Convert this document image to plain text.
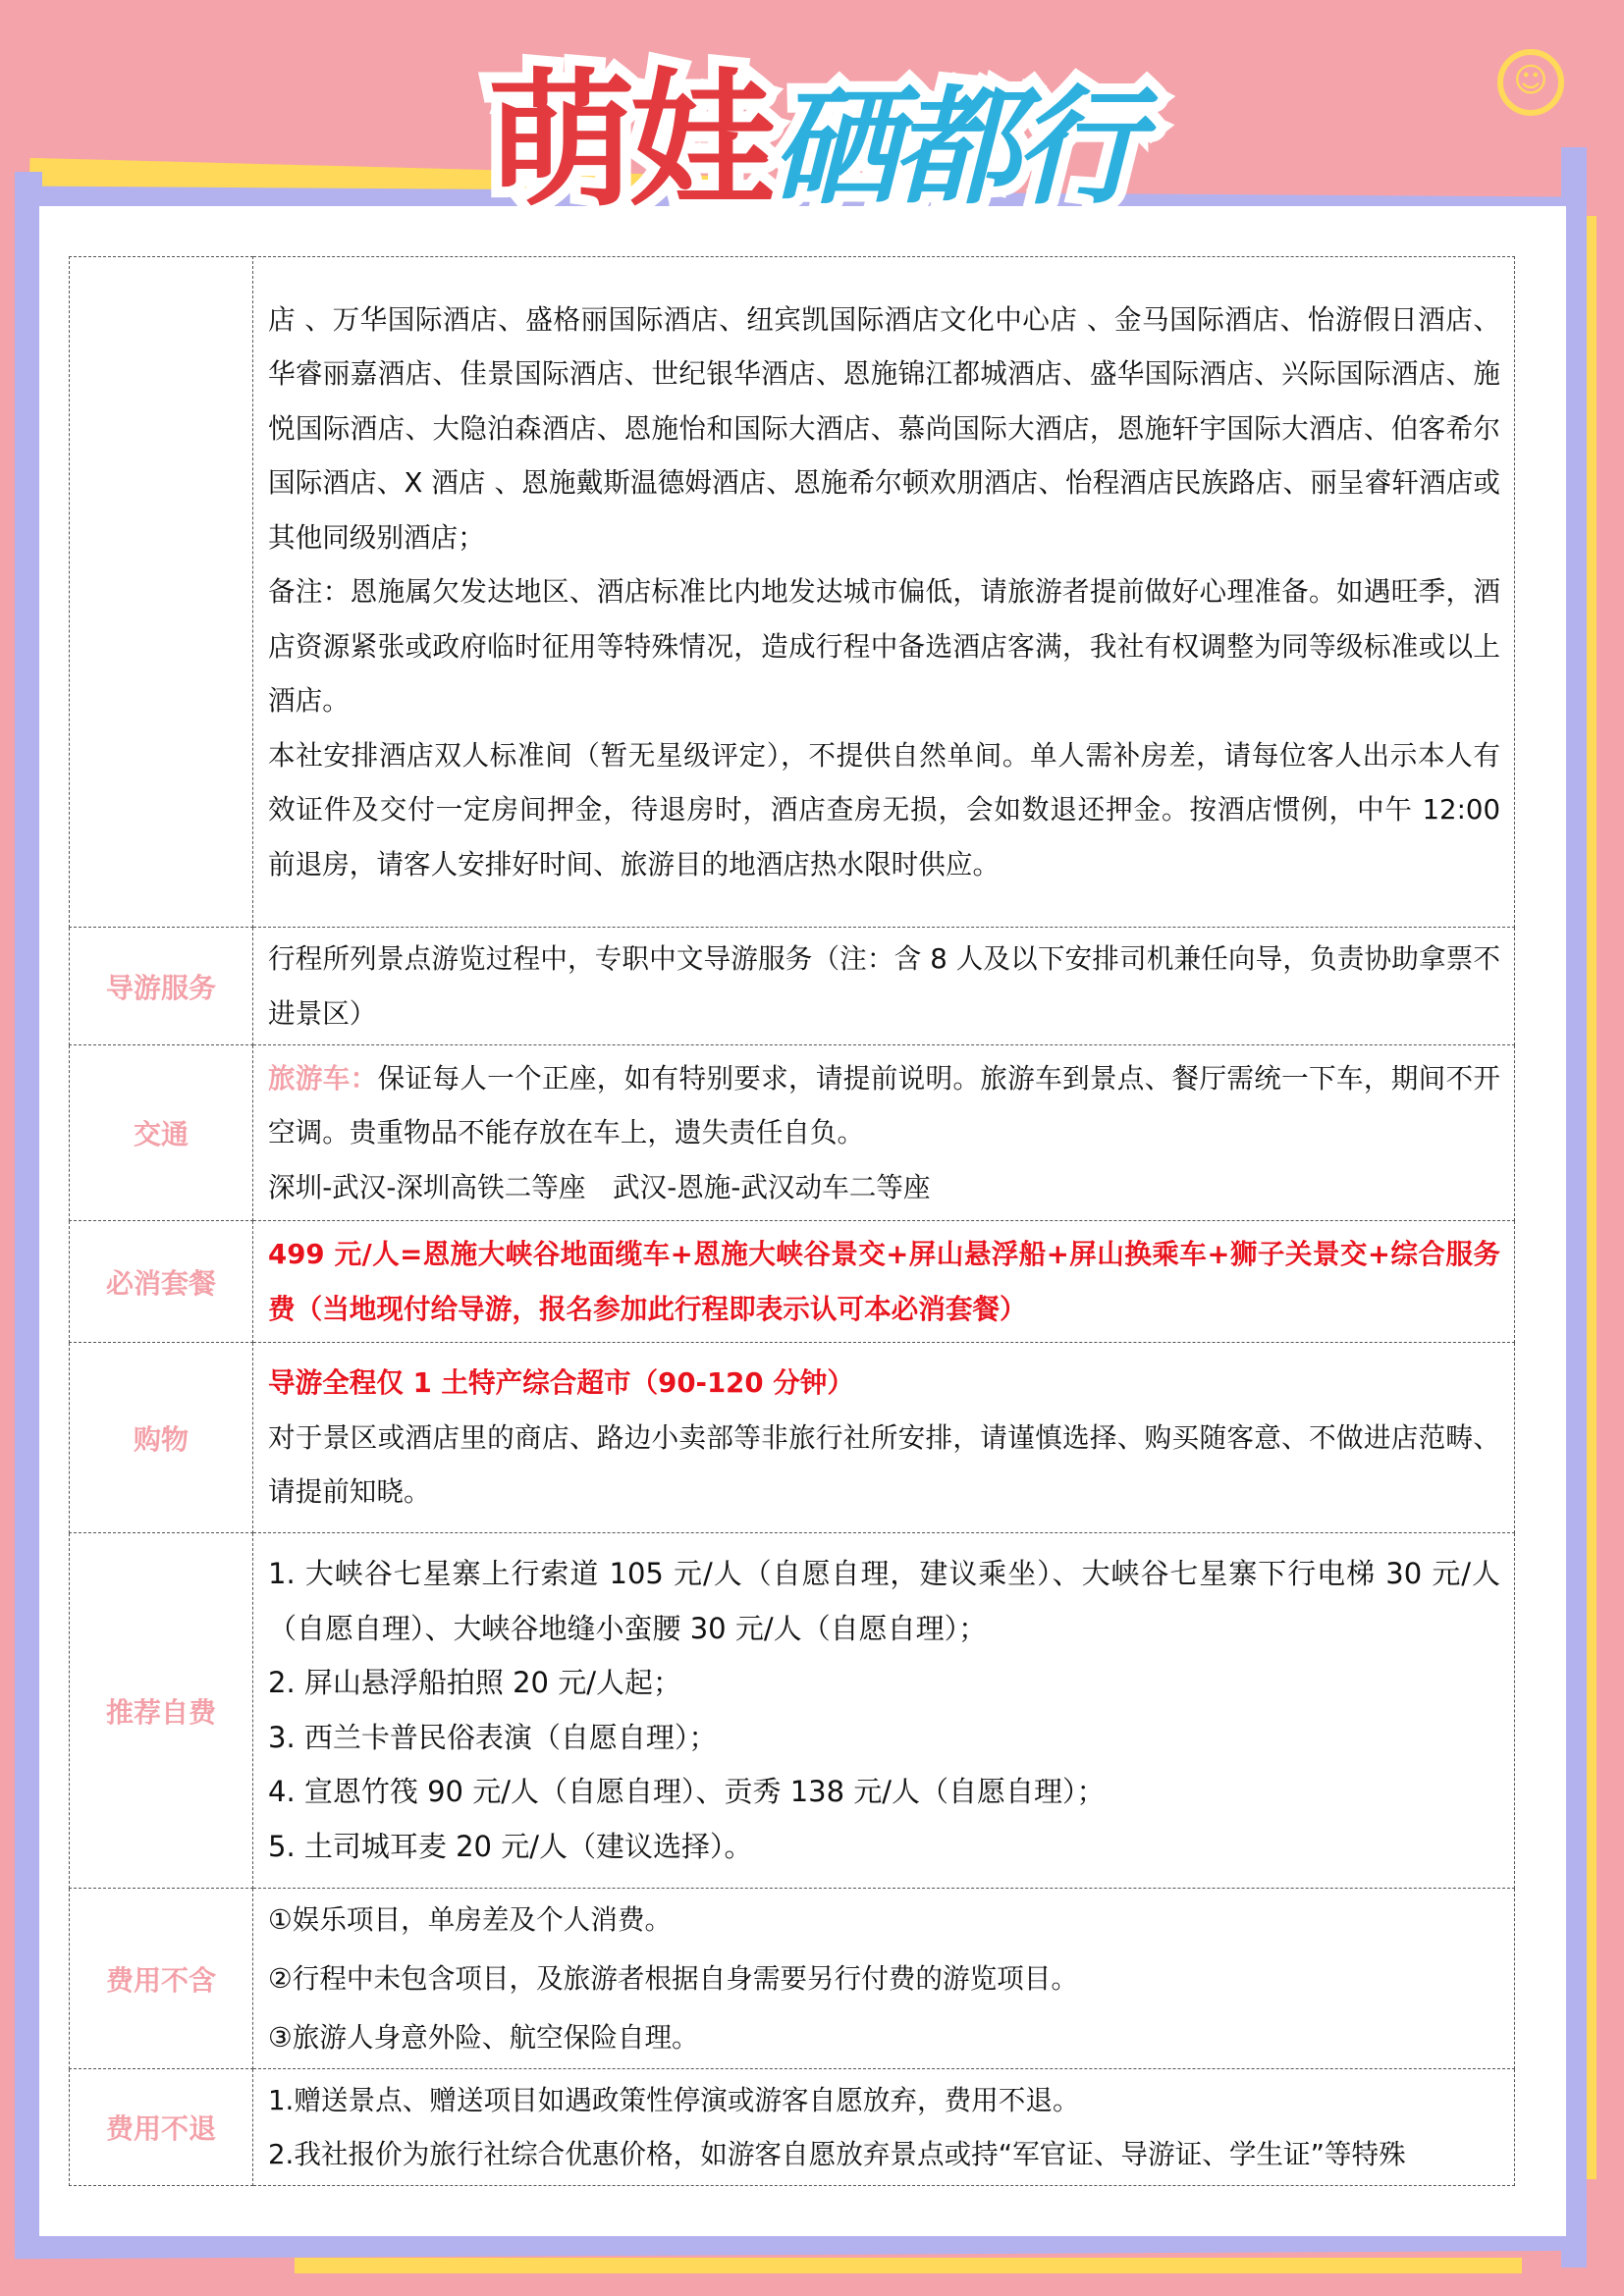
萌娃硒都行	☺

	店 、万华国际酒店、盛格丽国际酒店、纽宾凯国际酒店文化中心店 、金马国际酒店、怡游假日酒店、华睿丽嘉酒店、佳景国际酒店、世纪银华酒店、恩施锦江都城酒店、盛华国际酒店、兴际国际酒店、施悦国际酒店、大隐泊森酒店、恩施怡和国际大酒店、慕尚国际大酒店，恩施轩宇国际大酒店、伯客希尔国际酒店、X 酒店 、恩施戴斯温德姆酒店、恩施希尔顿欢朋酒店、怡程酒店民族路店、丽呈睿轩酒店或其他同级别酒店；

备注：恩施属欠发达地区、酒店标准比内地发达城市偏低，请旅游者提前做好心理准备。如遇旺季，酒店资源紧张或政府临时征用等特殊情况，造成行程中备选酒店客满，我社有权调整为同等级标准或以上酒店。

本社安排酒店双人标准间（暂无星级评定），不提供自然单间。单人需补房差，请每位客人出示本人有效证件及交付一定房间押金，待退房时，酒店查房无损，会如数退还押金。按酒店惯例，中午 12:00 前退房，请客人安排好时间、旅游目的地酒店热水限时供应。

导游服务	行程所列景点游览过程中，专职中文导游服务（注：含 8 人及以下安排司机兼任向导，负责协助拿票不进景区）

交通	旅游车：保证每人一个正座，如有特别要求，请提前说明。旅游车到景点、餐厅需统一下车，期间不开空调。贵重物品不能存放在车上，遗失责任自负。

深圳-武汉-深圳高铁二等座　武汉-恩施-武汉动车二等座

必消套餐	499 元/人=恩施大峡谷地面缆车+恩施大峡谷景交+屏山悬浮船+屏山换乘车+狮子关景交+综合服务费（当地现付给导游，报名参加此行程即表示认可本必消套餐）

购物	导游全程仅 1 土特产综合超市（90-120 分钟）

对于景区或酒店里的商店、路边小卖部等非旅行社所安排，请谨慎选择、购买随客意、不做进店范畴、请提前知晓。

推荐自费	1. 大峡谷七星寨上行索道 105 元/人（自愿自理，建议乘坐）、大峡谷七星寨下行电梯 30 元/人（自愿自理）、大峡谷地缝小蛮腰 30 元/人（自愿自理）；

2. 屏山悬浮船拍照 20 元/人起；

3. 西兰卡普民俗表演（自愿自理）；

4. 宣恩竹筏 90 元/人（自愿自理）、贡秀 138 元/人（自愿自理）；

5. 土司城耳麦 20 元/人（建议选择）。

费用不含	①娱乐项目，单房差及个人消费。

②行程中未包含项目，及旅游者根据自身需要另行付费的游览项目。

③旅游人身意外险、航空保险自理。

费用不退	1.赠送景点、赠送项目如遇政策性停演或游客自愿放弃，费用不退。

2.我社报价为旅行社综合优惠价格，如游客自愿放弃景点或持“军官证、导游证、学生证”等特殊
